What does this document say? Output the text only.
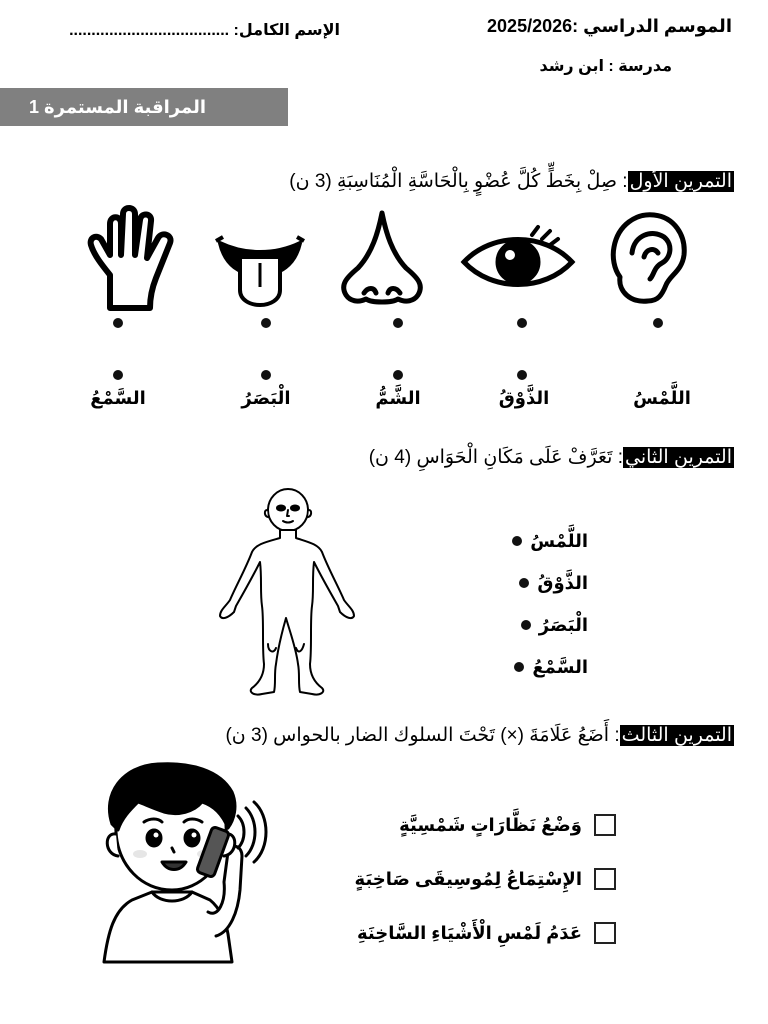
الموسم الدراسي :2025/2026
مدرسة : ابن رشد
الإسم الكامل: ....................................
المراقبة المستمرة 1
التمرين الأول: صِلْ بِخَطٍّ كُلَّ عُضْوٍ بِالْحَاسَّةِ الْمُنَاسِبَةِ (3 ن)
السَّمْعُ	الْبَصَرُ	الشَّمُّ	الذَّوْقُ	اللَّمْسُ
التمرين الثاني: تَعَرَّفْ عَلَى مَكَانِ الْحَوَاسِ (4 ن)
اللَّمْسُ
الذَّوْقُ
الْبَصَرُ
السَّمْعُ
التمرين الثالث: أَضَعُ عَلَامَةَ (×) تَحْتَ السلوك الضار بالحواس (3 ن)
وَضْعُ نَظَّارَاتٍ شَمْسِيَّةٍ
الإِسْتِمَاعُ لِمُوسِيقَى صَاخِبَةٍ
عَدَمُ لَمْسِ الْأَشْيَاءِ السَّاخِنَةِ
